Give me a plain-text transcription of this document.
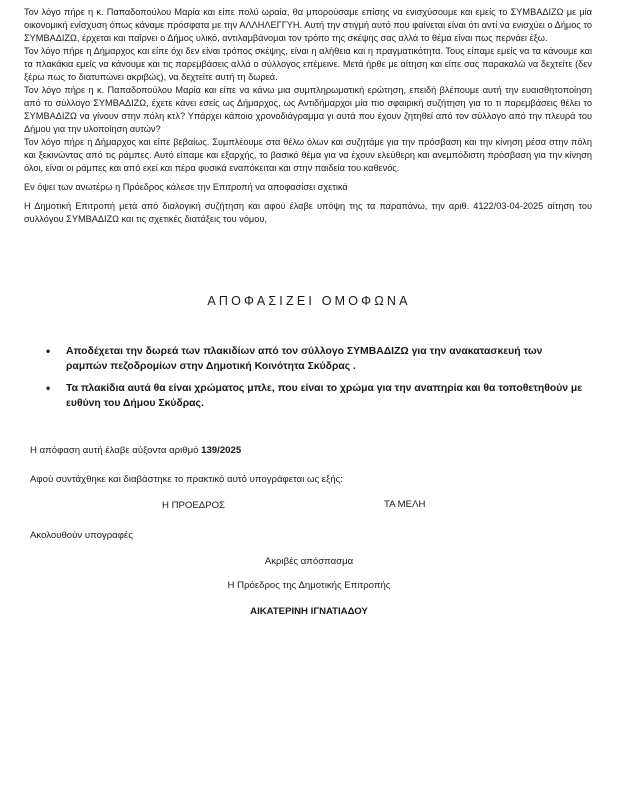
Τον λόγο πήρε η κ. Παπαδοπούλου Μαρία και είπε πολύ ωραία, θα μπορούσαμε επίσης να ενισχύσουμε και εμείς το ΣΥΜΒΑΔΙΖΩ με μία οικονομική ενίσχυση όπως κάναμε πρόσφατα με την ΑΛΛΗΛΕΓΓΥΗ. Αυτή την στιγμή αυτό που φαίνεται είναι ότι αντί να ενισχύει ο Δήμος το ΣΥΜΒΑΔΙΖΩ, έρχεται και παίρνει ο Δήμος υλικό, αντιλαμβάνομαι τον τρόπο της σκέψης σας αλλά το θέμα είναι πως περνάει έξω.

Τον λόγο πήρε η Δήμαρχος και είπε όχι δεν είναι τρόπος σκέψης, είναι η αλήθεια και η πραγματικότητα. Τους είπαμε εμείς να τα κάνουμε και τα πλακάκια εμείς να κάνουμε και τις παρεμβάσεις αλλά ο σύλλογος επέμεινε. Μετά ήρθε με αίτηση και είπε σας παρακαλώ να δεχτείτε (δεν ξέρω πως το διατυπώνει ακριβώς), να δεχτείτε αυτή τη δωρεά.

Τον λόγο πήρε η κ. Παπαδοπούλου Μαρία και είπε να κάνω μια συμπληρωματική ερώτηση, επειδή βλέπουμε αυτή την ευαισθητοποίηση από το σύλλογο ΣΥΜΒΑΔΙΖΩ, έχετε κάνει εσείς ως Δήμαρχος, ως Αντιδήμαρχοι μία πιο σφαιρική συζήτηση για το τι παρεμβάσεις θέλει το ΣΥΜΒΑΔΙΖΩ να γίνουν στην πόλη κτλ? Υπάρχει κάποιο χρονοδιάγραμμα γι αυτά που έχουν ζητηθεί από τον σύλλογο από την πλευρά του Δήμου για την υλοποίηση αυτών?

Τον λόγο πήρε η Δήμαρχος και είπε βεβαίως. Συμπλέουμε στα θέλω όλων και συζητάμε για την πρόσβαση και την κίνηση μέσα στην πόλη και ξεκινώντας από τις ράμπες. Αυτό είπαμε και εξαρχής, το βασικό θέμα για να έχουν ελεύθερη και ανεμπόδιστη πρόσβαση για την κίνηση όλοι, είναι οι ράμπες και από εκεί και πέρα φυσικά εναπόκειται και στην παιδεία του καθενός.

Εν όψει των ανωτέρω η Πρόεδρος κάλεσε την Επιτροπή να αποφασίσει σχετικά

Η Δημοτική Επιτροπή μετά από διαλογική συζήτηση και αφού έλαβε υπόψη της τα παραπάνω, την αριθ. 4122/03-04-2025 αίτηση του συλλόγου ΣΥΜΒΑΔΙΖΩ και τις σχετικές διατάξεις του νόμου,

ΑΠΟΦΑΣΙΖΕΙ ΟΜΟΦΩΝΑ
• Αποδέχεται την δωρεά των πλακιδίων από τον σύλλογο ΣΥΜΒΑΔΙΖΩ για την ανακατασκευή των ραμπών πεζοδρομίων στην Δημοτική Κοινότητα Σκύδρας .
• Τα πλακίδια αυτά θα είναι χρώματος μπλε, που είναι το χρώμα για την αναπηρία και θα τοποθετηθούν με ευθύνη του Δήμου Σκύδρας.
Η απόφαση αυτή έλαβε αύξοντα αριθμό 139/2025
Αφού συντάχθηκε και διαβάστηκε το πρακτικό αυτό υπογράφεται ως εξής:
Η ΠΡΟΕΔΡΟΣ	ΤΑ ΜΕΛΗ
Ακολουθούν υπογραφές
Ακριβές απόσπασμα
Η Πρόεδρος της Δημοτικής Επιτροπής
ΑΙΚΑΤΕΡΙΝΗ ΙΓΝΑΤΙΑΔΟΥ
